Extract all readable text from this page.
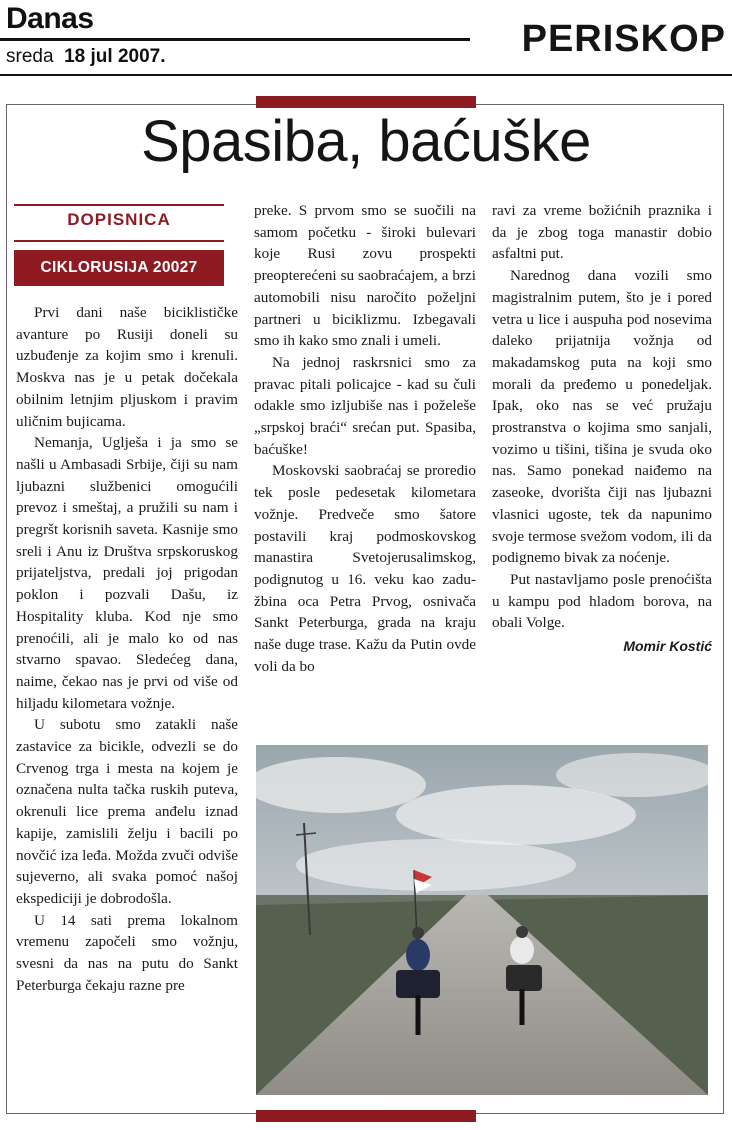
Danas
sreda 18 jul 2007.	PERISKOP
Spasiba, baćuške
DOPISNICA
CIKLORUSIJA 20027

Prvi dani naše biciklističke avanture po Rusiji doneli su uzbuđenje za kojim smo i krenuli. Moskva nas je u petak dočekala obilnim letnjim pljuskom i pravim uličnim bujicama.

Nemanja, Uglješa i ja smo se našli u Ambasadi Srbije, čiji su nam ljubazni službenici omogućili prevoz i smeštaj, a pružili su nam i pregršt korisnih saveta. Kasnije smo sreli i Anu iz Društva srpskoruskog prijateljstva, predali joj prigodan poklon i pozvali Dašu, iz Hospitality kluba. Kod nje smo prenoćili, ali je malo ko od nas stvarno spavao. Sledećeg dana, naime, čekao nas je prvi od više od hiljadu kilometara vožnje.

U subotu smo zatakli naše zastavice za bicikle, odvezli se do Crvenog trga i mesta na kojem je označena nulta tačka ruskih puteva, okrenuli lice prema anđelu iznad kapije, zamislili želju i bacili po novčić iza leđa. Možda zvuči odviše sujeverno, ali svaka pomoć našoj ekspediciji je dobrodošla.

U 14 sati prema lokalnom vremenu započeli smo vožnju, svesni da nas na putu do Sankt Peterburga čekaju razne pre

preke. S prvom smo se suočili na samom početku - široki bulevari koje Rusi zovu prospekti preopterećeni su saobraćajem, a brzi automobili nisu naročito poželjni partneri u biciklizmu. Izbegavali smo ih kako smo znali i umeli.

Na jednoj raskrsnici smo za pravac pitali policajce - kad su čuli odakle smo izljubiše nas i poželeše „srpskoj braći“ srećan put. Spasiba, baćuške!

Moskovski saobraćaj se proredio tek posle pedesetak kilometara vožnje. Predveče smo šatore postavili kraj podmoskovskog manastira Svetojerusalimskog, podignutog u 16. veku kao zadužbina oca Petra Prvog, osnivača Sankt Peterburga, grada na kraju naše duge trase. Kažu da Putin ovde voli da bo

ravi za vreme božićnih praznika i da je zbog toga manastir dobio asfaltni put.

Narednog dana vozili smo magistralnim putem, što je i pored vetra u lice i auspuha pod nosevima daleko prijatnija vožnja od makadamskog puta na koji smo morali da pređemo u ponedeljak. Ipak, oko nas se već pružaju prostranstva o kojima smo sanjali, vozimo u tišini, tišina je svuda oko nas. Samo ponekad naiđemo na zaseoke, dvorišta čiji nas ljubazni vlasnici ugoste, tek da napunimo svoje termose svežom vodom, ili da podignemo bivak za noćenje.

Put nastavljamo posle prenoćišta u kampu pod hladom borova, na obali Volge.

Momir Kostić
